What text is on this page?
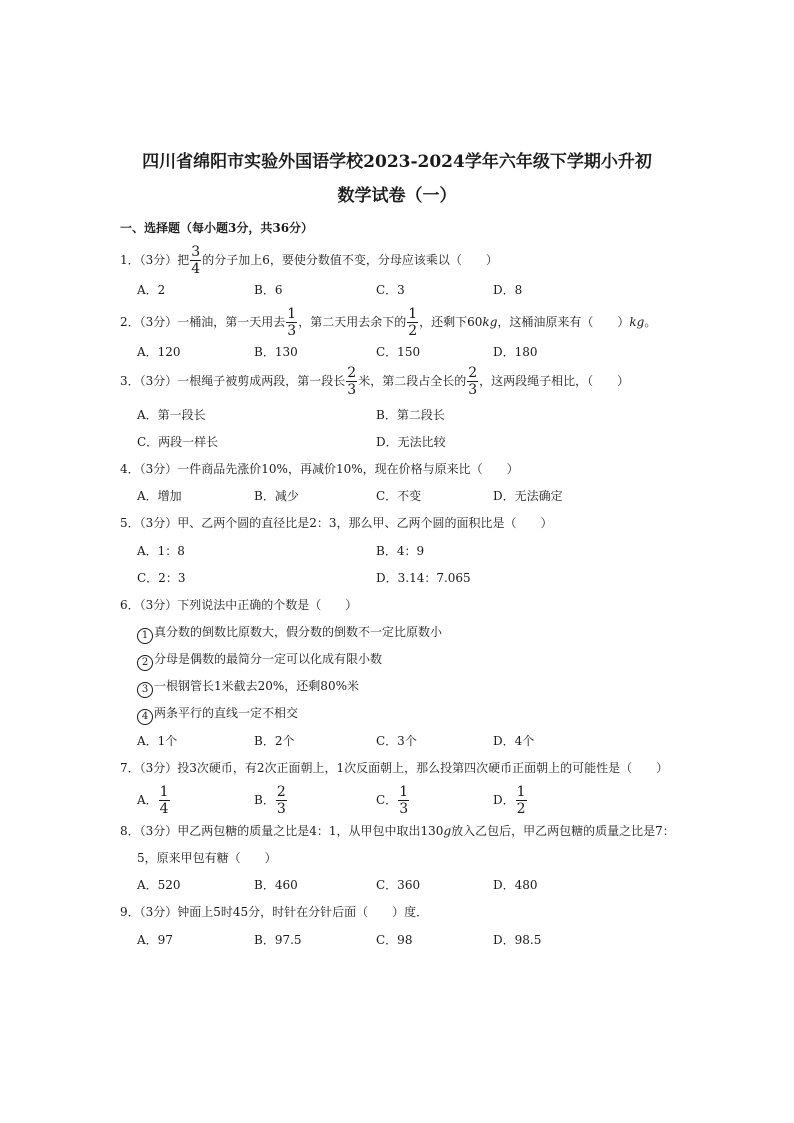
四川省绵阳市实验外国语学校2023-2024学年六年级下学期小升初
数学试卷（一）
一、选择题（每小题3分，共36分）
1．（3分）把 $\frac{3}{4}$ 的分子加上6，要使分数值不变，分母应该乘以（　　）
A．2	B．6	C．3	D．8
2．（3分）一桶油，第一天用去 $\frac{1}{3}$ ，第二天用去余下的 $\frac{1}{2}$ ，还剩下60kg，这桶油原来有（　　）kg。
A．120	B．130	C．150	D．180
3．（3分）一根绳子被剪成两段，第一段长 $\frac{2}{3}$ 米，第二段占全长的 $\frac{2}{3}$ ，这两段绳子相比，（　　）
A．第一段长	B．第二段长
C．两段一样长	D．无法比较
4．（3分）一件商品先涨价10%，再减价10%，现在价格与原来比（　　）
A．增加	B．减少	C．不变	D．无法确定
5．（3分）甲、乙两个圆的直径比是2：3，那么甲、乙两个圆的面积比是（　　）
A．1：8	B．4：9
C．2：3	D．3.14：7.065
6．（3分）下列说法中正确的个数是（　　）
1 真分数的倒数比原数大，假分数的倒数不一定比原数小
2 分母是偶数的最简分一定可以化成有限小数
3 一根钢管长1米截去20%，还剩80%米
4 两条平行的直线一定不相交
A．1个	B．2个	C．3个	D．4个
7．（3分）投3次硬币，有2次正面朝上，1次反面朝上，那么投第四次硬币正面朝上的可能性是（　　）
A． $\frac{1}{4}$	B． $\frac{2}{3}$	C． $\frac{1}{3}$	D． $\frac{1}{2}$
8．（3分）甲乙两包糖的质量之比是4：1，从甲包中取出130g放入乙包后，甲乙两包糖的质量之比是7：
5，原来甲包有糖（　　）
A．520	B．460	C．360	D．480
9．（3分）钟面上5时45分，时针在分针后面（　　）度．
A．97	B．97.5	C．98	D．98.5
